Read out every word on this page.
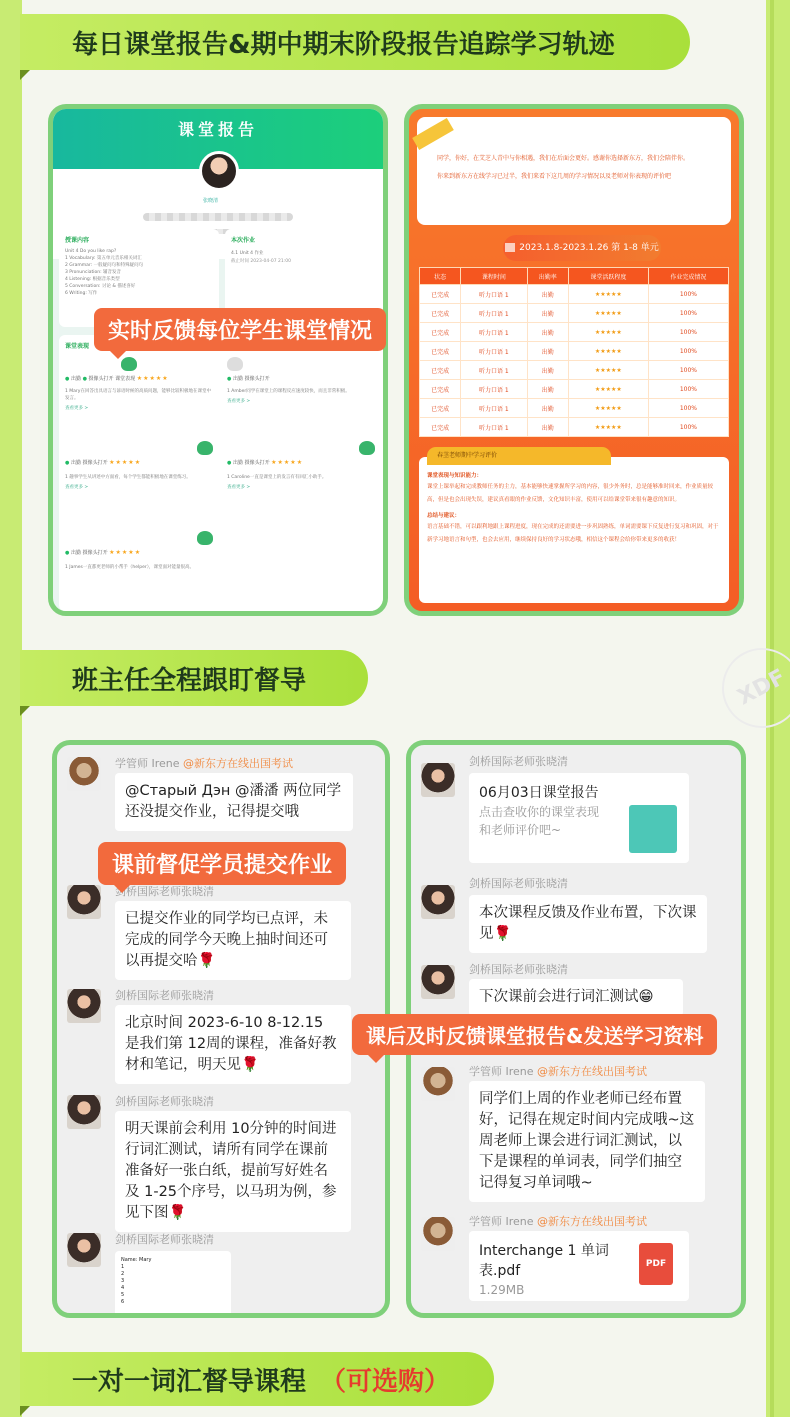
每日课堂报告&期中期末阶段报告追踪学习轨迹
课堂报告
张晓清
授课内容
Unit 4 Do you like rap?
1 Vocabulary: 第五单元音乐相关词汇
2 Grammar: 一般疑问句和特殊疑问句
3 Pronunciation: 辅音发音
4 Listening: 根据音乐类型
5 Conversation: 讨论 & 描述喜好
6 Writing: 写作
本次作业
4.1 Unit 4 作业
截止时间 2023-04-07 21:00
课堂表现
● 出勤 ● 摄像头打开 课堂表现 ★★★★★
1 Mary在回答出具语言与谚语时候的高质问题，能够比较积极地在课堂中发言。
查看更多 >
● 出勤 摄像头打开
1 Amber同学在课堂上的课程反应速度较快，而且非常积极。
查看更多 >
● 出勤 摄像头打开 ★★★★★
1 趣事学生从讲述中方面看，每个学生都能积极地在课堂练习。
查看更多 >
● 出勤 摄像头打开 ★★★★★
1 Caroline一直是课堂上的发言有有回汇小助手。
查看更多 >
● 出勤 摄像头打开 ★★★★★
1 James一直都更老师的小帮手（helper），课堂面对能量很高。
同学，你好，在艾芝人青中与你相遇，我们在后面会更好。感谢你选择新东方，我们会陪伴你。
你来到新东方在线学习已过半，我们来看下这几周的学习情况以及老师对你表现的评价吧
2023.1.8-2023.1.26 第 1-8 单元
状态	课程时间	出勤率	课堂活跃程度	作业完成情况
已完成	听力口语 1	出勤	★★★★★	100%
已完成	听力口语 1	出勤	★★★★★	100%
已完成	听力口语 1	出勤	★★★★★	100%
已完成	听力口语 1	出勤	★★★★★	100%
已完成	听力口语 1	出勤	★★★★★	100%
已完成	听力口语 1	出勤	★★★★★	100%
已完成	听力口语 1	出勤	★★★★★	100%
已完成	听力口语 1	出勤	★★★★★	100%
春茎老师期中学习评价
课堂表现与知识能力：
课堂上课举起和完成教师任务的主力，基本能够快速掌握所学习的内容，很少外务时，总是能够准时回来，作业质量较高，但是也会出现失误，建议真看眼的作业反馈，文化知识丰富，使用可以给课堂带来很有趣意的知识。
总结与建议：
语言基础不错，可以跟利地跟上课程进度，现在完成的还需要进一步巩固熟练，单词需要课下反复进行复习和巩固，对于新学习地语言和句型，也会去应用，继续保持良好的学习状态哦，相信这个课程会给你带来更多的收获！
实时反馈每位学生课堂情况
班主任全程跟盯督导	XDF
学管师 Irene @新东方在线出国考试
@Старый Дэн @潘潘 两位同学还没提交作业，记得提交哦
剑桥国际老师张晓清
已提交作业的同学均已点评，未完成的同学今天晚上抽时间还可以再提交哈🌹
剑桥国际老师张晓清
北京时间 2023-6-10 8-12.15 是我们第 12周的课程，准备好教材和笔记，明天见🌹
剑桥国际老师张晓清
明天课前会利用 10分钟的时间进行词汇测试，请所有同学在课前准备好一张白纸，提前写好姓名及 1-25个序号，以马玥为例，参见下图🌹
剑桥国际老师张晓清
Name: Mary
1
2
3
4
5
6
课前督促学员提交作业
剑桥国际老师张晓清
06月03日课堂报告
点击查收你的课堂表现和老师评价吧~
剑桥国际老师张晓清
本次课程反馈及作业布置，下次课见🌹
剑桥国际老师张晓清
下次课前会进行词汇测试😁
学管师 Irene @新东方在线出国考试
同学们上周的作业老师已经布置好，记得在规定时间内完成哦~这周老师上课会进行词汇测试，以下是课程的单词表，同学们抽空记得复习单词哦~
学管师 Irene @新东方在线出国考试
Interchange 1 单词表.pdf
1.29MB
PDF
课后及时反馈课堂报告&发送学习资料
一对一词汇督导课程 （可选购）
